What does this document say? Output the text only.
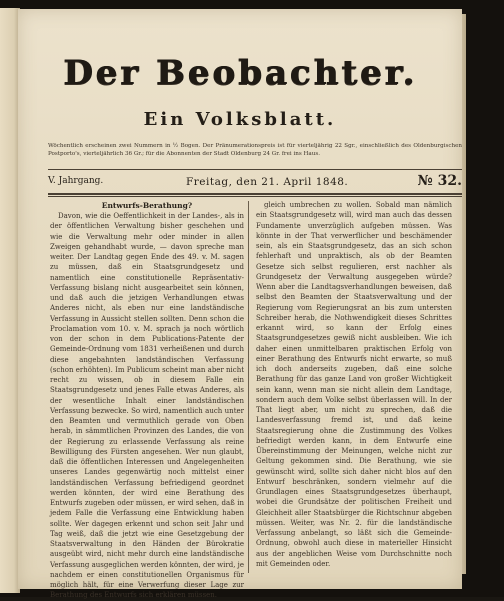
Der Beobachter.
Ein Volksblatt.
Wöchentlich erscheinen zwei Nummern in ½ Bogen. Der Pränumerationspreis ist für vierteljährig 22 Sgr., einschließlich des Oldenburgischen Postporto's, vierteljährlich 36 Gr.; für die Abonnenten der Stadt Oldenburg 24 Gr. frei ins Haus.
V. Jahrgang.	Freitag, den 21. April 1848.	№ 32.
Entwurfs-Berathung?

Davon, wie die Oeffentlichkeit in der Landes-, als in der öffentlichen Verwaltung bisher geschehen und wie die Verwaltung mehr oder minder in allen Zweigen gehandhabt wurde, — davon spreche man weiter. Der Landtag gegen Ende des 49. v. M. sagen zu müssen, daß ein Staatsgrundgesetz und namentlich eine constitutionelle Repräsentativ-Verfassung bislang nicht ausgearbeitet sein können, und daß auch die jetzigen Verhandlungen etwas Anderes nicht, als eben nur eine landständische Verfassung in Aussicht stellen sollten. Denn schon die Proclamation vom 10. v. M. sprach ja noch wörtlich von der schon in dem Publications-Patente der Gemeinde-Ordnung vom 1831 verheißenen und durch diese angebahnten landständischen Verfassung (schon erhöhten). Im Publicum scheint man aber nicht recht zu wissen, ob in diesem Falle ein Staatsgrundgesetz und jenes Falle etwas Anderes, als der wesentliche Inhalt einer landständischen Verfassung bezwecke. So wird, namentlich auch unter den Beamten und vermuthlich gerade von Oben herab, in sämmtlichen Provinzen des Landes, die von der Regierung zu erlassende Verfassung als reine Bewilligung des Fürsten angesehen. Wer nun glaubt, daß die öffentlichen Interessen und Angelegenheiten unseres Landes gegenwärtig noch mittelst einer landständischen Verfassung befriedigend geordnet werden könnten, der wird eine Berathung des Entwurfs zugeben oder müssen, er wird sehen, daß in jedem Falle die Verfassung eine Entwicklung haben sollte. Wer dagegen erkennt und schon seit Jahr und Tag weiß, daß die jetzt wie eine Gesetzgebung der Staatsverwaltung in den Händen der Bürokratie ausgeübt wird, nicht mehr durch eine landständische Verfassung ausgeglichen werden könnten, der wird, je nachdem er einen constitutionellen Organismus für möglich hält, für eine Verwerfung dieser Lage zur Berathung des Entwurfs sich erklären müssen.

gleich umbrechen zu wollen. Sobald man nämlich ein Staatsgrundgesetz will, wird man auch das dessen Fundamente unverzüglich aufgeben müssen. Was könnte in der That verwerflicher und beschämender sein, als ein Staatsgrundgesetz, das an sich schon fehlerhaft und unpraktisch, als ob der Beamten Gesetze sich selbst regulieren, erst nachher als Grundgesetz der Verwaltung ausgegeben würde? Wenn aber die Landtagsverhandlungen beweisen, daß selbst den Beamten der Staatsverwaltung und der Regierung vom Regierungsrat an bis zum untersten Schreiber herab, die Nothwendigkeit dieses Schrittes erkannt wird, so kann der Erfolg eines Staatsgrundgesetzes gewiß nicht ausbleiben. Wie ich daher einen unmittelbaren praktischen Erfolg von einer Berathung des Entwurfs nicht erwarte, so muß ich doch anderseits zugeben, daß eine solche Berathung für das ganze Land von großer Wichtigkeit sein kann, wenn man sie nicht allein dem Landtage, sondern auch dem Volke selbst überlassen will. In der That liegt aber, um nicht zu sprechen, daß die Landesverfassung fremd ist, und daß keine Staatsregierung ohne die Zustimmung des Volkes befriedigt werden kann, in dem Entwurfe eine Übereinstimmung der Meinungen, welche nicht zur Geltung gekommen sind. Die Berathung, wie sie gewünscht wird, sollte sich daher nicht blos auf den Entwurf beschränken, sondern vielmehr auf die Grundlagen eines Staatsgrundgesetzes überhaupt, wobei die Grundsätze der politischen Freiheit und Gleichheit aller Staatsbürger die Richtschnur abgeben müssen. Weiter, was Nr. 2. für die landständische Verfassung anbelangt, so läßt sich die Gemeinde-Ordnung, obwohl auch diese in materieller Hinsicht aus der angeblichen Weise vom Durchschnitte noch mit Gemeinden oder.
